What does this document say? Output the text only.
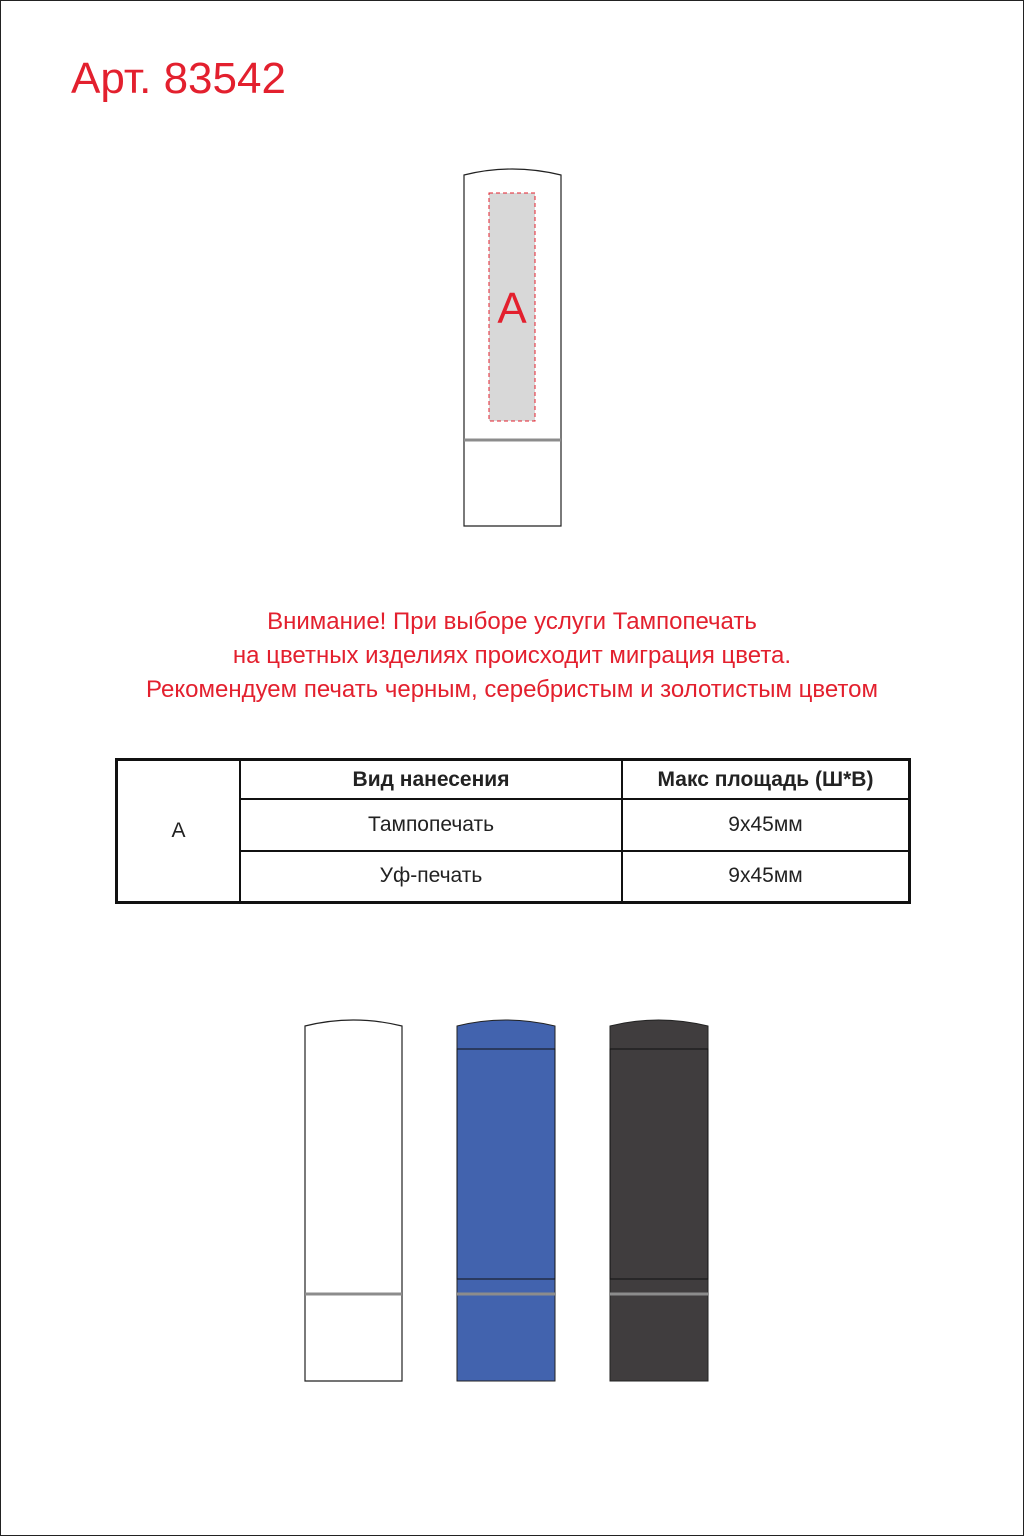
Арт. 83542
A
Внимание! При выборе услуги Тампопечать
на цветных изделиях происходит миграция цвета.
Рекомендуем печать черным, серебристым и золотистым цветом
A	Вид нанесения	Макс площадь (Ш*В)
	Тампопечать	9x45мм
	Уф-печать	9x45мм
